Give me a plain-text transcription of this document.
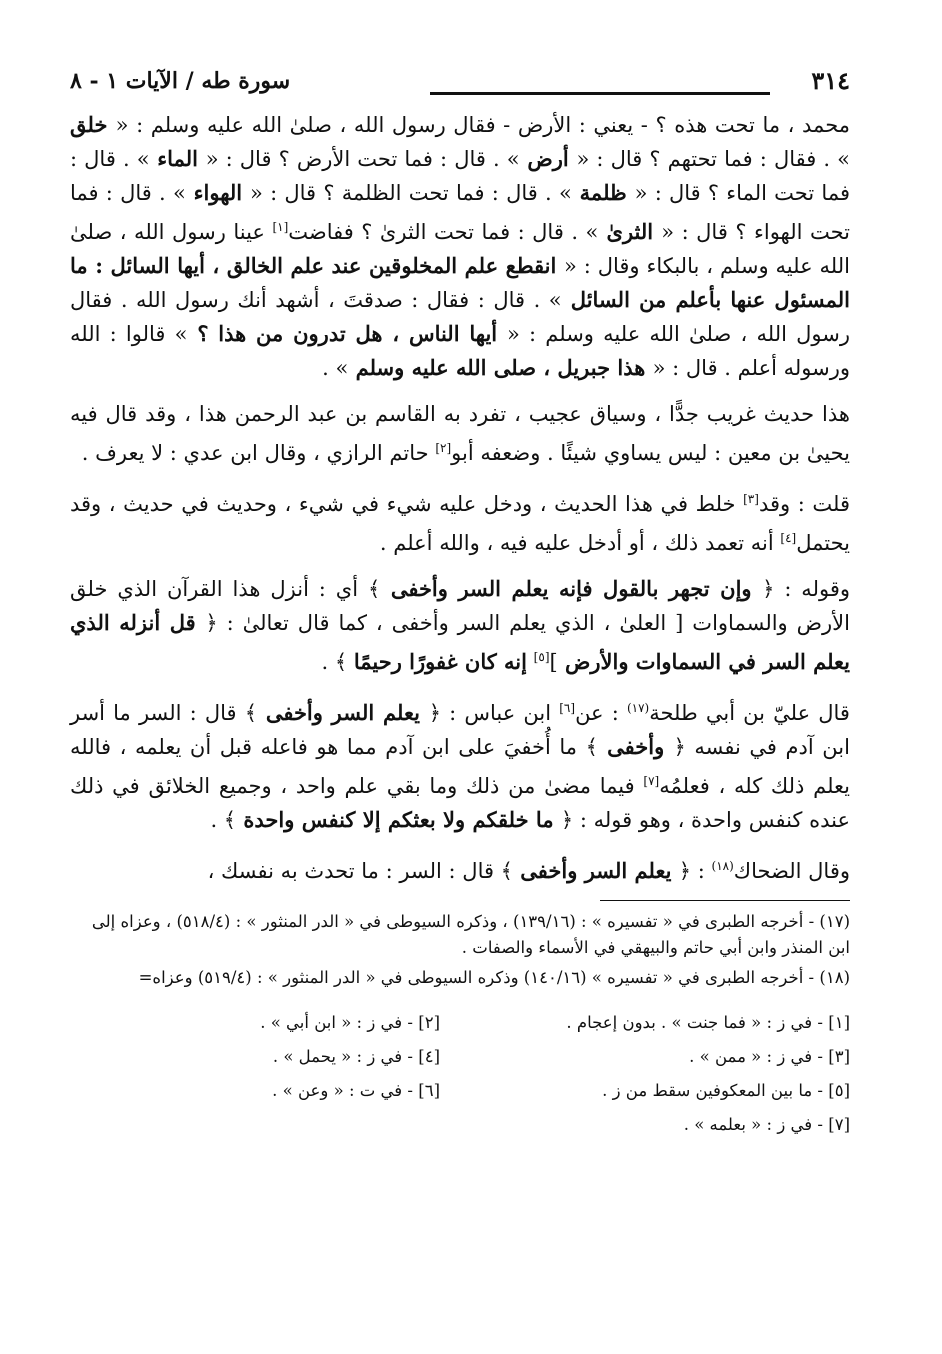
٣١٤
سورة طه / الآيات ١ - ٨

محمد ، ما تحت هذه ؟ - يعني : الأرض - فقال رسول الله ، صلىٰ الله عليه وسلم : « خلق » . فقال : فما تحتهم ؟ قال : « أرض » . قال : فما تحت الأرض ؟ قال : « الماء » . قال : فما تحت الماء ؟ قال : « ظلمة » . قال : فما تحت الظلمة ؟ قال : « الهواء » . قال : فما تحت الهواء ؟ قال : « الثرىٰ » . قال : فما تحت الثرىٰ ؟ ففاضت[١] عينا رسول الله ، صلىٰ الله عليه وسلم ، بالبكاء وقال : « انقطع علم المخلوقين عند علم الخالق ، أيها السائل : ما المسئول عنها بأعلم من السائل » . قال : فقال : صدقتَ ، أشهد أنك رسول الله . فقال رسول الله ، صلىٰ الله عليه وسلم : « أيها الناس ، هل تدرون من هذا ؟ » قالوا : الله ورسوله أعلم . قال : « هذا جبريل ، صلى الله عليه وسلم » .

هذا حديث غريب جدًّا ، وسياق عجيب ، تفرد به القاسم بن عبد الرحمن هذا ، وقد قال فيه يحيىٰ بن معين : ليس يساوي شيئًا . وضعفه أبو[٢] حاتم الرازي ، وقال ابن عدي : لا يعرف .

قلت : وقد[٣] خلط في هذا الحديث ، ودخل عليه شيء في شيء ، وحديث في حديث ، وقد يحتمل[٤] أنه تعمد ذلك ، أو أدخل عليه فيه ، والله أعلم .

وقوله : ﴿ وإن تجهر بالقول فإنه يعلم السر وأخفى ﴾ أي : أنزل هذا القرآن الذي خلق الأرض والسماوات [ العلىٰ ، الذي يعلم السر وأخفى ، كما قال تعالىٰ : ﴿ قل أنزله الذي يعلم السر في السماوات والأرض ][٥] إنه كان غفورًا رحيمًا ﴾ .

قال عليّ بن أبي طلحة$^{(١٧)}$ : عن[٦] ابن عباس : ﴿ يعلم السر وأخفى ﴾ قال : السر ما أسر ابن آدم في نفسه ﴿ وأخفى ﴾ ما أُخفيَ على ابن آدم مما هو فاعله قبل أن يعلمه ، فالله يعلم ذلك كله ، فعلمُه[٧] فيما مضىٰ من ذلك وما بقي علم واحد ، وجميع الخلائق في ذلك عنده كنفس واحدة ، وهو قوله : ﴿ ما خلقكم ولا بعثكم إلا كنفس واحدة ﴾ .

وقال الضحاك$^{(١٨)}$ : ﴿ يعلم السر وأخفى ﴾ قال : السر : ما تحدث به نفسك ،

(١٧) - أخرجه الطبرى في « تفسيره » : (١٣٩/١٦) ، وذكره السيوطى في « الدر المنثور » : (٥١٨/٤) ، وعزاه إلى ابن المنذر وابن أبي حاتم والبيهقي في الأسماء والصفات .

(١٨) - أخرجه الطبرى في « تفسيره » (١٤٠/١٦) وذكره السيوطى في « الدر المنثور » : (٥١٩/٤) وعزاه=

[١] - في ز : « فما جنت » . بدون إعجام .
[٢] - في ز : « ابن أبي » .
[٣] - في ز : « ممن » .
[٤] - في ز : « يحمل » .
[٥] - ما بين المعكوفين سقط من ز .
[٦] - في ت : « وعن » .
[٧] - في ز : « بعلمه » .
